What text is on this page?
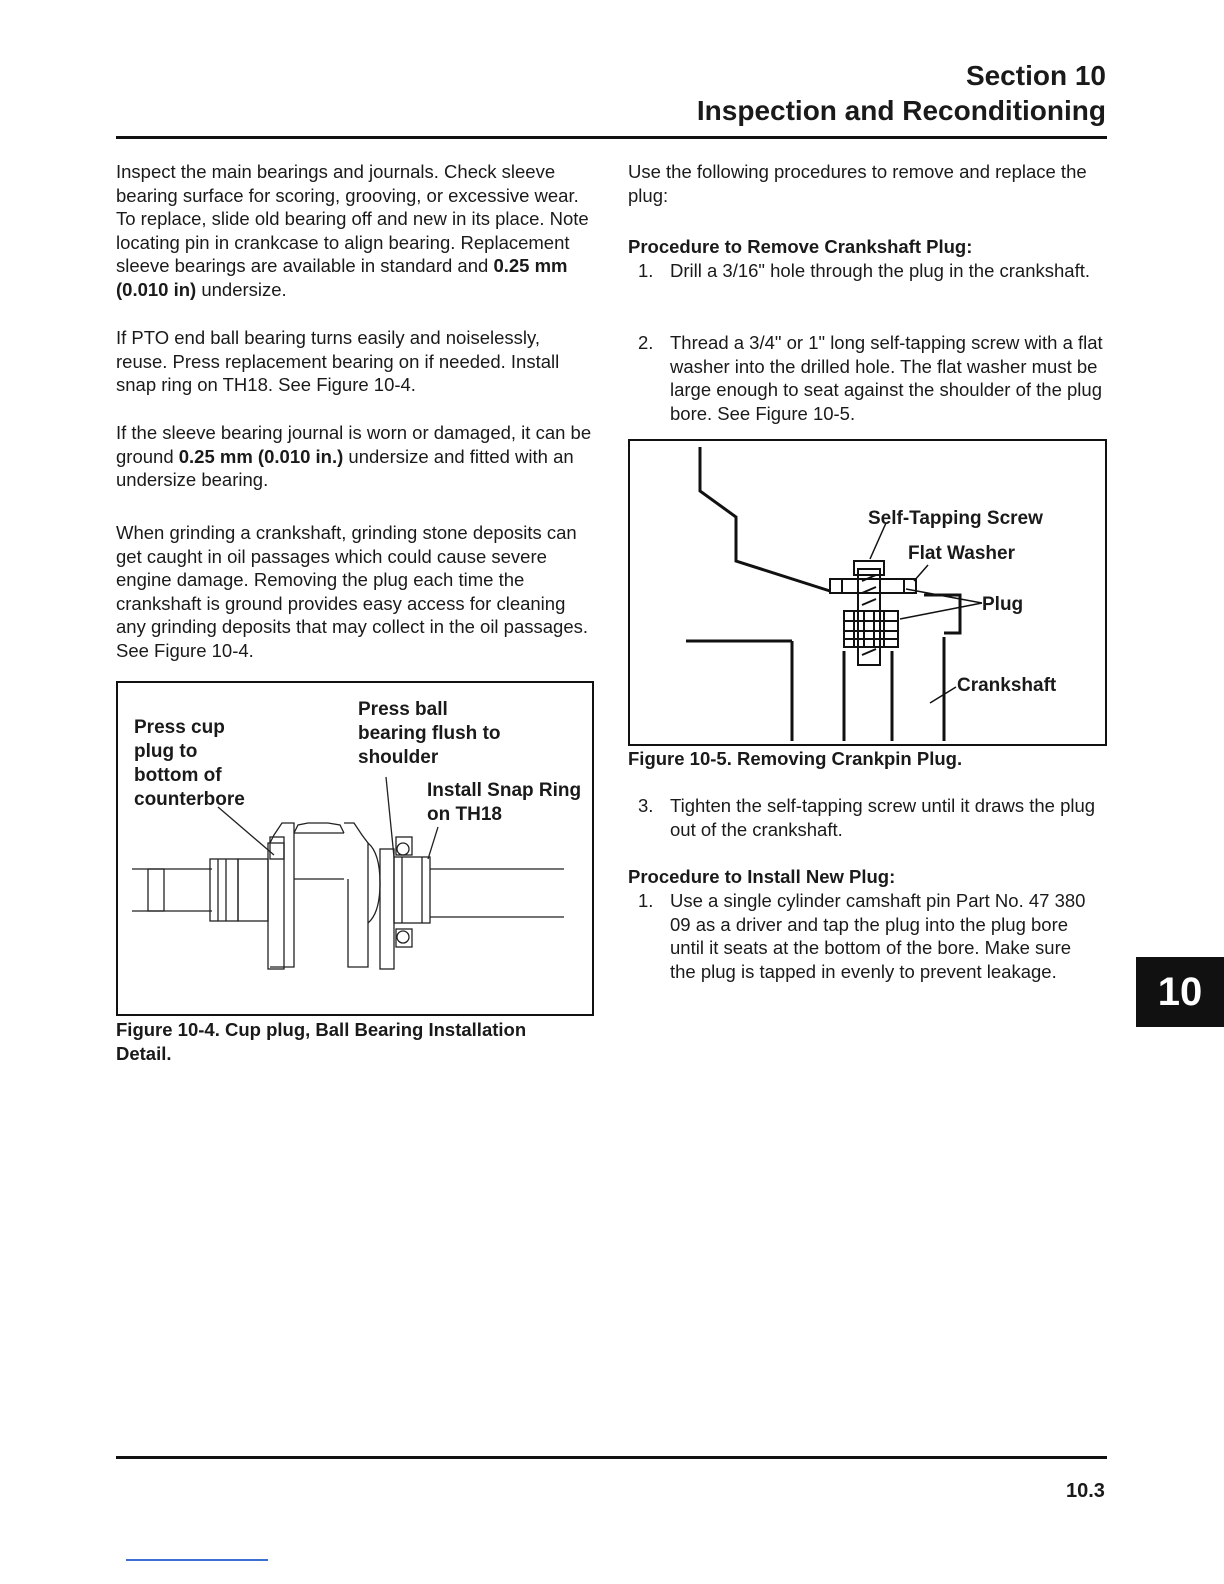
Section 10
Inspection and Reconditioning

Inspect the main bearings and journals. Check sleeve bearing surface for scoring, grooving, or excessive wear. To replace, slide old bearing off and new in its place. Note locating pin in crankcase to align bearing. Replacement sleeve bearings are available in standard and 0.25 mm (0.010 in) undersize.

If PTO end ball bearing turns easily and noiselessly, reuse. Press replacement bearing on if needed. Install snap ring on TH18. See Figure 10-4.

If the sleeve bearing journal is worn or damaged, it can be ground 0.25 mm (0.010 in.) undersize and fitted with an undersize bearing.

When grinding a crankshaft, grinding stone deposits can get caught in oil passages which could cause severe engine damage. Removing the plug each time the crankshaft is ground provides easy access for cleaning any grinding deposits that may collect in the oil passages. See Figure 10-4.

Press cup
plug to
bottom of
counterbore
Press ball
bearing flush to
shoulder
Install Snap Ring
on TH18
Figure 10-4. Cup plug, Ball Bearing Installation
Detail.

Use the following procedures to remove and replace the plug:

Procedure to Remove Crankshaft Plug:
1. Drill a 3/16" hole through the plug in the crankshaft.
2. Thread a 3/4" or 1" long self-tapping screw with a flat washer into the drilled hole. The flat washer must be large enough to seat against the shoulder of the plug bore. See Figure 10-5.
Self-Tapping Screw
Flat Washer
Plug
Crankshaft
Figure 10-5. Removing Crankpin Plug.
3. Tighten the self-tapping screw until it draws the plug out of the crankshaft.
Procedure to Install New Plug:
1. Use a single cylinder camshaft pin Part No. 47 380 09 as a driver and tap the plug into the plug bore until it seats at the bottom of the bore. Make sure the plug is tapped in evenly to prevent leakage.	10
10.3
